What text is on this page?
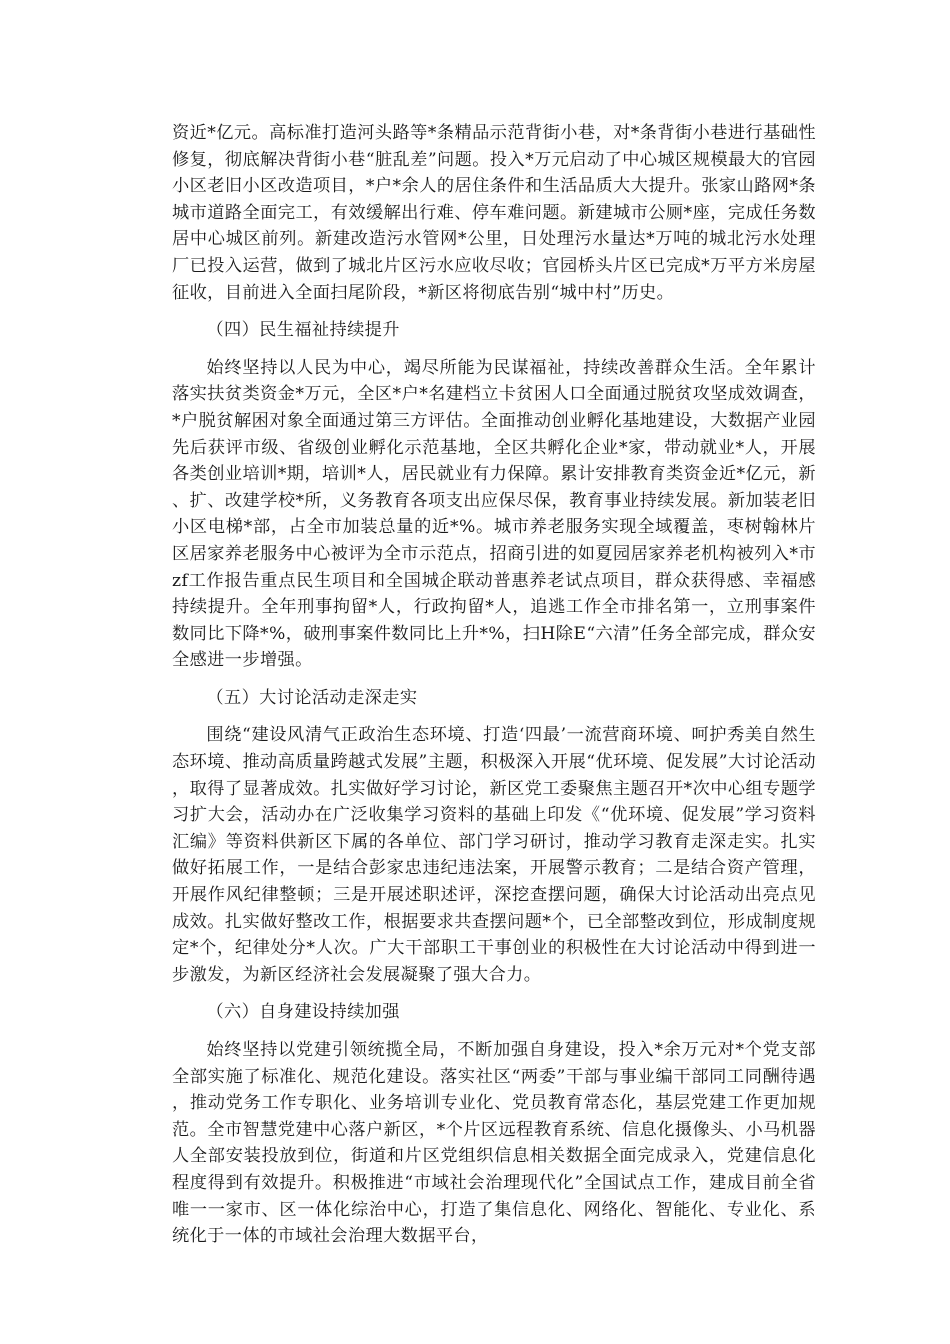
资近*亿元。高标准打造河头路等*条精品示范背街小巷，对*条背街小巷进行基础性修复，彻底解决背街小巷“脏乱差”问题。投入*万元启动了中心城区规模最大的官园小区老旧小区改造项目，*户*余人的居住条件和生活品质大大提升。张家山路网*条城市道路全面完工，有效缓解出行难、停车难问题。新建城市公厕*座，完成任务数居中心城区前列。新建改造污水管网*公里，日处理污水量达*万吨的城北污水处理厂已投入运营，做到了城北片区污水应收尽收；官园桥头片区已完成*万平方米房屋征收，目前进入全面扫尾阶段，*新区将彻底告别“城中村”历史。

（四）民生福祉持续提升

始终坚持以人民为中心，竭尽所能为民谋福祉，持续改善群众生活。全年累计落实扶贫类资金*万元，全区*户*名建档立卡贫困人口全面通过脱贫攻坚成效调查，*户脱贫解困对象全面通过第三方评估。全面推动创业孵化基地建设，大数据产业园先后获评市级、省级创业孵化示范基地，全区共孵化企业*家，带动就业*人，开展各类创业培训*期，培训*人，居民就业有力保障。累计安排教育类资金近*亿元，新、扩、改建学校*所，义务教育各项支出应保尽保，教育事业持续发展。新加装老旧小区电梯*部，占全市加装总量的近*%。城市养老服务实现全域覆盖，枣树翰林片区居家养老服务中心被评为全市示范点，招商引进的如夏园居家养老机构被列入*市zf工作报告重点民生项目和全国城企联动普惠养老试点项目，群众获得感、幸福感持续提升。全年刑事拘留*人，行政拘留*人，追逃工作全市排名第一，立刑事案件数同比下降*%，破刑事案件数同比上升*%，扫H除E“六清”任务全部完成，群众安全感进一步增强。

（五）大讨论活动走深走实

围绕“建设风清气正政治生态环境、打造‘四最’一流营商环境、呵护秀美自然生态环境、推动高质量跨越式发展”主题，积极深入开展“优环境、促发展”大讨论活动，取得了显著成效。扎实做好学习讨论，新区党工委聚焦主题召开*次中心组专题学习扩大会，活动办在广泛收集学习资料的基础上印发《“优环境、促发展”学习资料汇编》等资料供新区下属的各单位、部门学习研讨，推动学习教育走深走实。扎实做好拓展工作，一是结合彭家忠违纪违法案，开展警示教育；二是结合资产管理，开展作风纪律整顿；三是开展述职述评，深挖查摆问题，确保大讨论活动出亮点见成效。扎实做好整改工作，根据要求共查摆问题*个，已全部整改到位，形成制度规定*个，纪律处分*人次。广大干部职工干事创业的积极性在大讨论活动中得到进一步激发，为新区经济社会发展凝聚了强大合力。

（六）自身建设持续加强

始终坚持以党建引领统揽全局，不断加强自身建设，投入*余万元对*个党支部全部实施了标准化、规范化建设。落实社区“两委”干部与事业编干部同工同酬待遇，推动党务工作专职化、业务培训专业化、党员教育常态化，基层党建工作更加规范。全市智慧党建中心落户新区，*个片区远程教育系统、信息化摄像头、小马机器人全部安装投放到位，街道和片区党组织信息相关数据全面完成录入，党建信息化程度得到有效提升。积极推进“市域社会治理现代化”全国试点工作，建成目前全省唯一一家市、区一体化综治中心，打造了集信息化、网络化、智能化、专业化、系统化于一体的市域社会治理大数据平台，
